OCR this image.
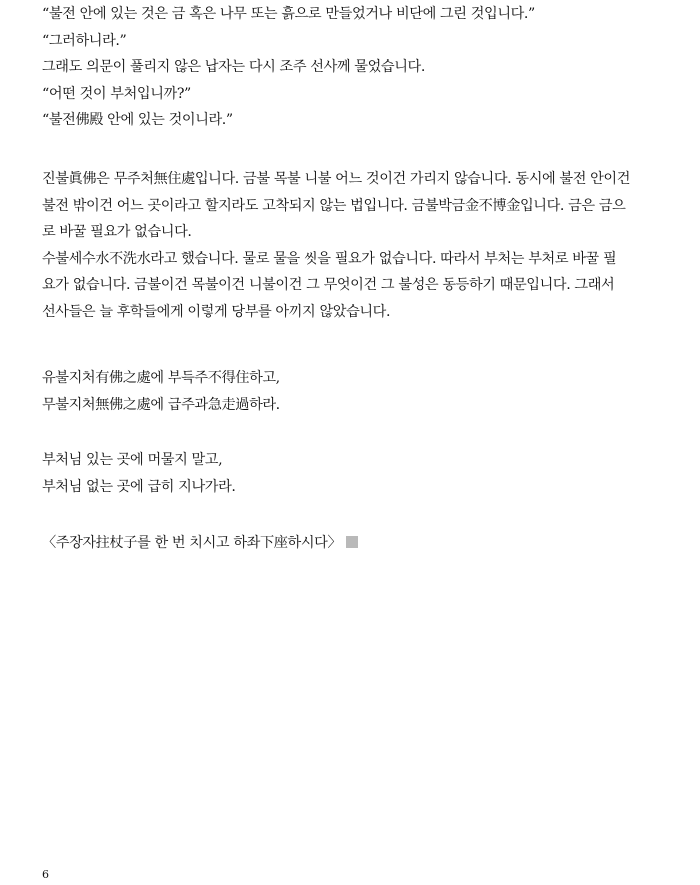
“불전 안에 있는 것은 금 혹은 나무 또는 흙으로 만들었거나 비단에 그린 것입니다.”
“그러하니라.”
그래도 의문이 풀리지 않은 납자는 다시 조주 선사께 물었습니다.
“어떤 것이 부처입니까?”
“불전佛殿 안에 있는 것이니라.”
진불眞佛은 무주처無住處입니다. 금불 목불 니불 어느 것이건 가리지 않습니다. 동시에 불전 안이건
불전 밖이건 어느 곳이라고 할지라도 고착되지 않는 법입니다. 금불박금金不博金입니다. 금은 금으
로 바꿀 필요가 없습니다.
수불세수水不洗水라고 했습니다. 물로 물을 씻을 필요가 없습니다. 따라서 부처는 부처로 바꿀 필
요가 없습니다. 금불이건 목불이건 니불이건 그 무엇이건 그 불성은 동등하기 때문입니다. 그래서
선사들은 늘 후학들에게 이렇게 당부를 아끼지 않았습니다.
유불지처有佛之處에 부득주不得住하고,
무불지처無佛之處에 급주과急走過하라.
부처님 있는 곳에 머물지 말고,
부처님 없는 곳에 급히 지나가라.
〈주장자拄杖子를 한 번 치시고 하좌下座하시다〉
6
